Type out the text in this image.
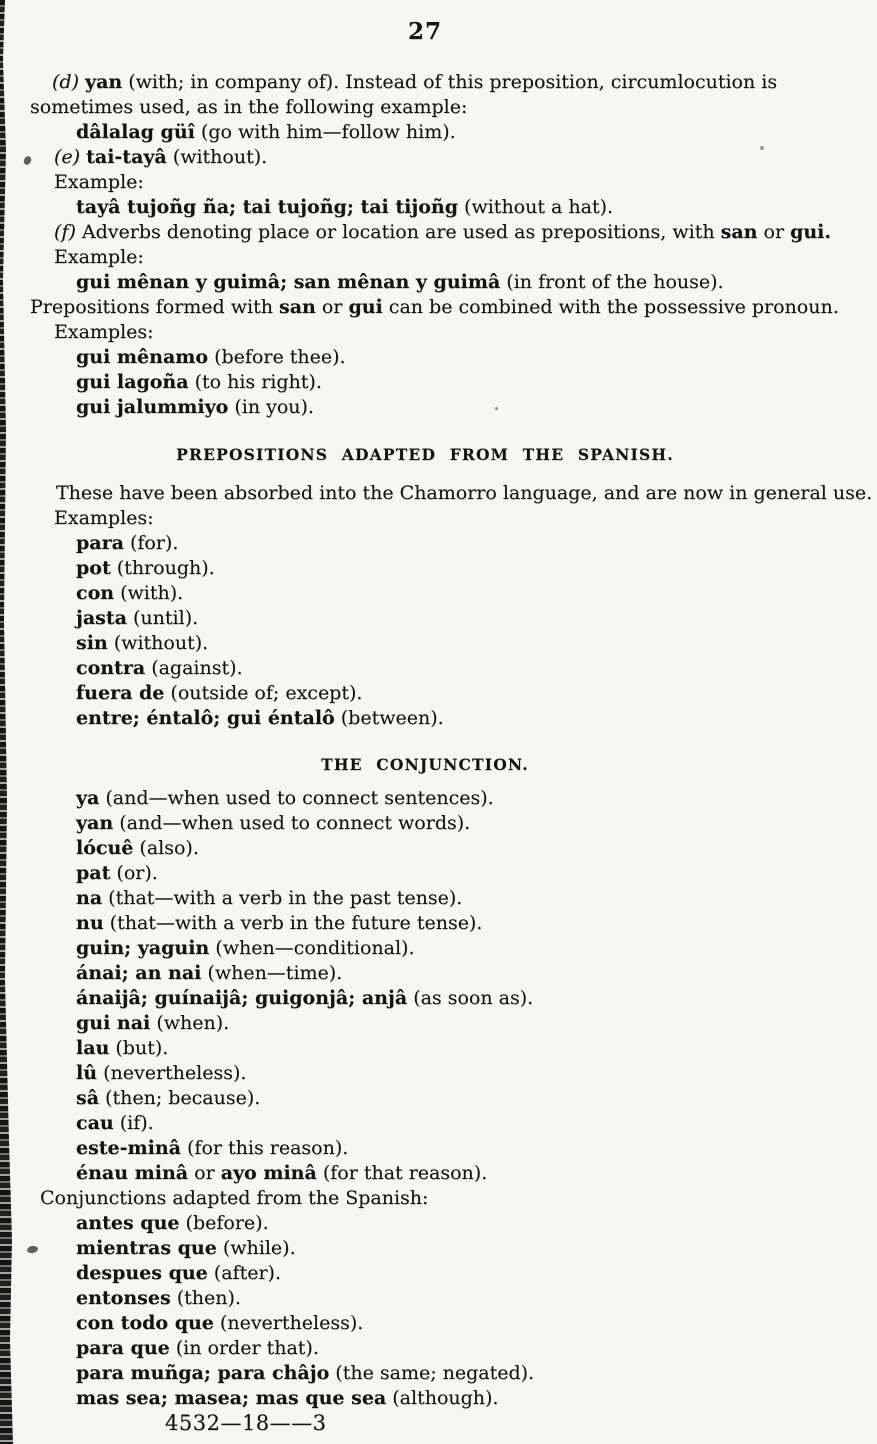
27

(d) yan (with; in company of). Instead of this preposition, circumlocution is
sometimes used, as in the following example:

dâlalag güî (go with him—follow him).
(e) tai-tayâ (without).
Example:
tayâ tujoñg ña; tai tujoñg; tai tijoñg (without a hat).
(f) Adverbs denoting place or location are used as prepositions, with san or gui.
Example:
gui mênan y guimâ; san mênan y guimâ (in front of the house).
Prepositions formed with san or gui can be combined with the possessive pronoun.
Examples:
gui mênamo (before thee).
gui lagoña (to his right).
gui jalummiyo (in you).
PREPOSITIONS ADAPTED FROM THE SPANISH.
These have been absorbed into the Chamorro language, and are now in general use.
Examples:
para (for).
pot (through).
con (with).
jasta (until).
sin (without).
contra (against).
fuera de (outside of; except).
entre; éntalô; gui éntalô (between).
THE CONJUNCTION.
ya (and—when used to connect sentences).
yan (and—when used to connect words).
lócuê (also).
pat (or).
na (that—with a verb in the past tense).
nu (that—with a verb in the future tense).
guin; yaguin (when—conditional).
ánai; an nai (when—time).
ánaijâ; guínaijâ; guigonjâ; anjâ (as soon as).
gui nai (when).
lau (but).
lû (nevertheless).
sâ (then; because).
cau (if).
este-minâ (for this reason).
énau minâ or ayo minâ (for that reason).
Conjunctions adapted from the Spanish:
antes que (before).
mientras que (while).
despues que (after).
entonses (then).
con todo que (nevertheless).
para que (in order that).
para muñga; para châjo (the same; negated).
mas sea; masea; mas que sea (although).
4532—18——3
